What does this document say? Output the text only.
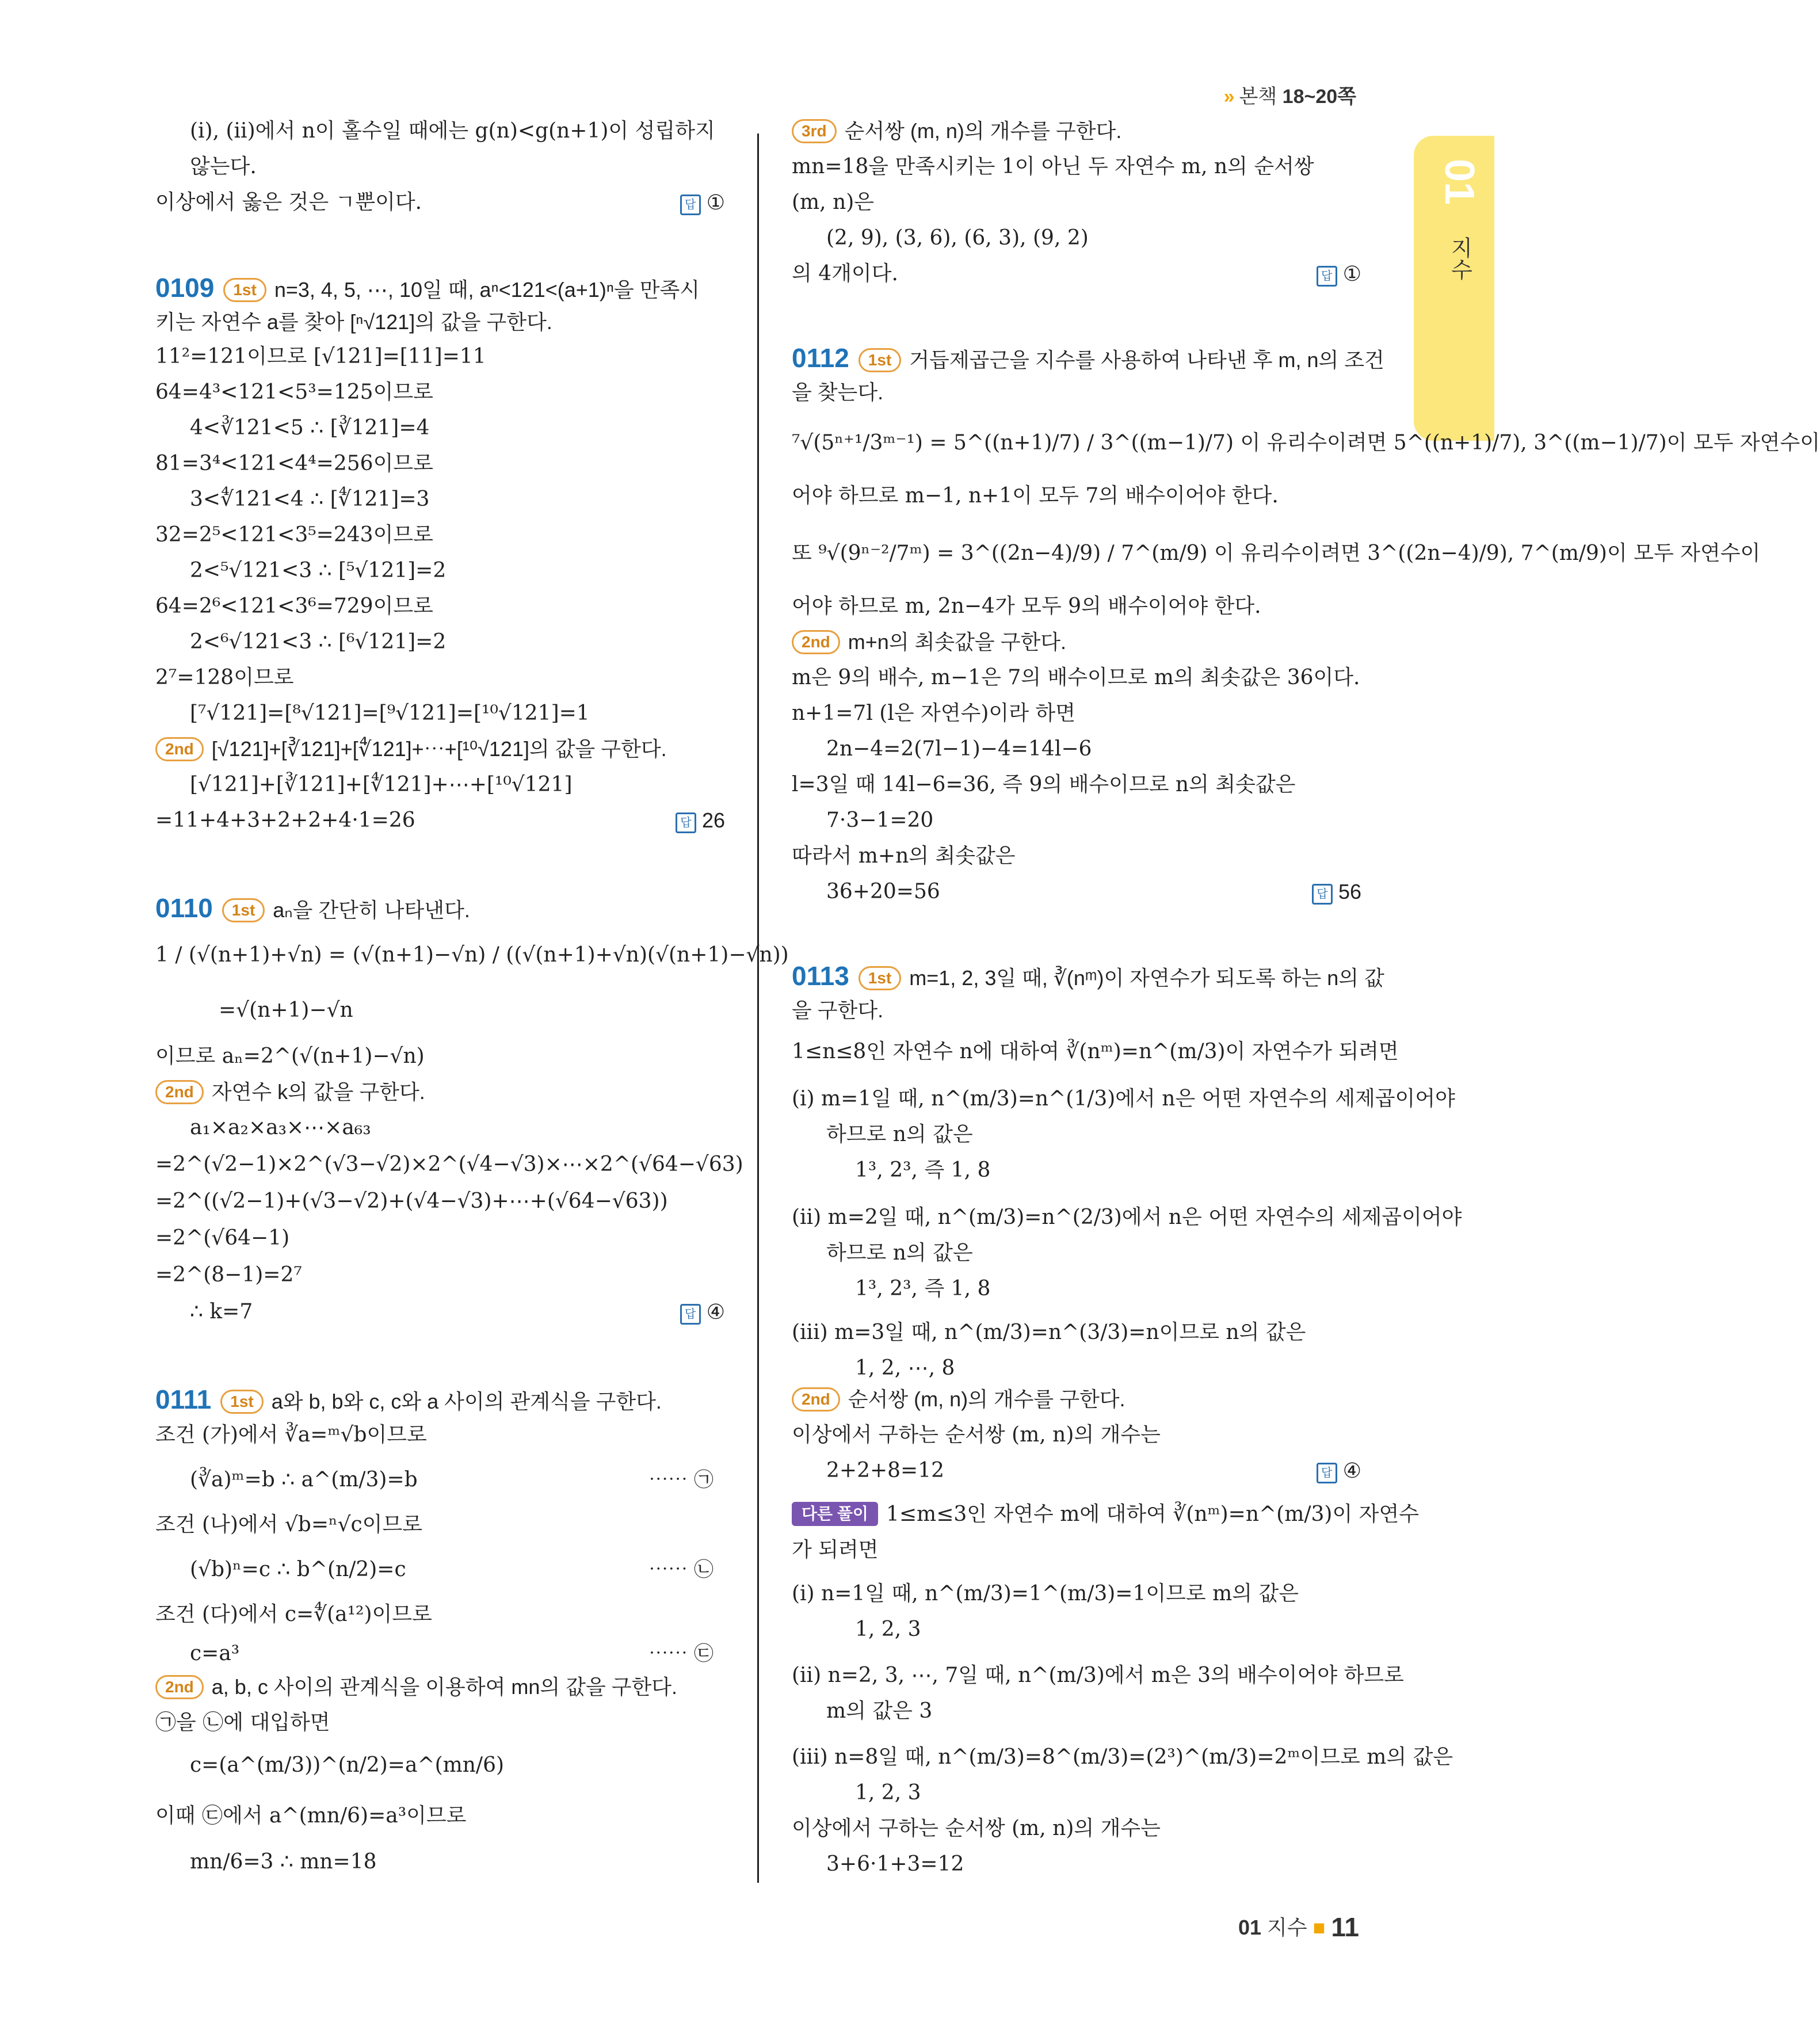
» 본책 18~20쪽
01
지수
(i), (ii)에서 n이 홀수일 때에는 g(n)<g(n+1)이 성립하지
않는다.
이상에서 옳은 것은 ㄱ뿐이다.
0109 1st n=3, 4, 5, ⋯, 10일 때, aⁿ<121<(a+1)ⁿ을 만족시
키는 자연수 a를 찾아 [ⁿ√121]의 값을 구한다.
11²=121이므로 [√121]=[11]=11
64=4³<121<5³=125이므로
4<∛121<5 ∴ [∛121]=4
81=3⁴<121<4⁴=256이므로
3<∜121<4 ∴ [∜121]=3
32=2⁵<121<3⁵=243이므로
2<⁵√121<3 ∴ [⁵√121]=2
64=2⁶<121<3⁶=729이므로
2<⁶√121<3 ∴ [⁶√121]=2
2⁷=128이므로
[⁷√121]=[⁸√121]=[⁹√121]=[¹⁰√121]=1
2nd [√121]+[∛121]+[∜121]+⋯+[¹⁰√121]의 값을 구한다.
[√121]+[∛121]+[∜121]+⋯+[¹⁰√121]
=11+4+3+2+2+4·1=26
0110 1st aₙ을 간단히 나타낸다.
1 / (√(n+1)+√n) = (√(n+1)−√n) / ((√(n+1)+√n)(√(n+1)−√n))
=√(n+1)−√n
이므로 aₙ=2^(√(n+1)−√n)
2nd 자연수 k의 값을 구한다.
a₁×a₂×a₃×⋯×a₆₃
=2^(√2−1)×2^(√3−√2)×2^(√4−√3)×⋯×2^(√64−√63)
=2^((√2−1)+(√3−√2)+(√4−√3)+⋯+(√64−√63))
=2^(√64−1)
=2^(8−1)=2⁷
∴ k=7
0111 1st a와 b, b와 c, c와 a 사이의 관계식을 구한다.
조건 (가)에서 ∛a=ᵐ√b이므로
(∛a)ᵐ=b ∴ a^(m/3)=b
조건 (나)에서 √b=ⁿ√c이므로
(√b)ⁿ=c ∴ b^(n/2)=c
조건 (다)에서 c=∜(a¹²)이므로
c=a³
2nd a, b, c 사이의 관계식을 이용하여 mn의 값을 구한다.
㉠을 ㉡에 대입하면
c=(a^(m/3))^(n/2)=a^(mn/6)
이때 ㉢에서 a^(mn/6)=a³이므로
mn/6=3 ∴ mn=18
답 ①
답 26
답 ④
⋯⋯ ㉠
⋯⋯ ㉡
⋯⋯ ㉢
3rd 순서쌍 (m, n)의 개수를 구한다.
mn=18을 만족시키는 1이 아닌 두 자연수 m, n의 순서쌍
(m, n)은
(2, 9), (3, 6), (6, 3), (9, 2)
의 4개이다.
0112 1st 거듭제곱근을 지수를 사용하여 나타낸 후 m, n의 조건
을 찾는다.
⁷√(5ⁿ⁺¹/3ᵐ⁻¹) = 5^((n+1)/7) / 3^((m−1)/7) 이 유리수이려면 5^((n+1)/7), 3^((m−1)/7)이 모두 자연수이
어야 하므로 m−1, n+1이 모두 7의 배수이어야 한다.
또 ⁹√(9ⁿ⁻²/7ᵐ) = 3^((2n−4)/9) / 7^(m/9) 이 유리수이려면 3^((2n−4)/9), 7^(m/9)이 모두 자연수이
어야 하므로 m, 2n−4가 모두 9의 배수이어야 한다.
2nd m+n의 최솟값을 구한다.
m은 9의 배수, m−1은 7의 배수이므로 m의 최솟값은 36이다.
n+1=7l (l은 자연수)이라 하면
2n−4=2(7l−1)−4=14l−6
l=3일 때 14l−6=36, 즉 9의 배수이므로 n의 최솟값은
7·3−1=20
따라서 m+n의 최솟값은
36+20=56
0113 1st m=1, 2, 3일 때, ∛(nᵐ)이 자연수가 되도록 하는 n의 값
을 구한다.
1≤n≤8인 자연수 n에 대하여 ∛(nᵐ)=n^(m/3)이 자연수가 되려면
(i) m=1일 때, n^(m/3)=n^(1/3)에서 n은 어떤 자연수의 세제곱이어야
하므로 n의 값은
1³, 2³, 즉 1, 8
(ii) m=2일 때, n^(m/3)=n^(2/3)에서 n은 어떤 자연수의 세제곱이어야
하므로 n의 값은
1³, 2³, 즉 1, 8
(iii) m=3일 때, n^(m/3)=n^(3/3)=n이므로 n의 값은
1, 2, ⋯, 8
2nd 순서쌍 (m, n)의 개수를 구한다.
이상에서 구하는 순서쌍 (m, n)의 개수는
2+2+8=12
다른 풀이 1≤m≤3인 자연수 m에 대하여 ∛(nᵐ)=n^(m/3)이 자연수
가 되려면
(i) n=1일 때, n^(m/3)=1^(m/3)=1이므로 m의 값은
1, 2, 3
(ii) n=2, 3, ⋯, 7일 때, n^(m/3)에서 m은 3의 배수이어야 하므로
m의 값은 3
(iii) n=8일 때, n^(m/3)=8^(m/3)=(2³)^(m/3)=2ᵐ이므로 m의 값은
1, 2, 3
이상에서 구하는 순서쌍 (m, n)의 개수는
3+6·1+3=12
답 ①
답 56
답 ④
01 지수 ■ 11
